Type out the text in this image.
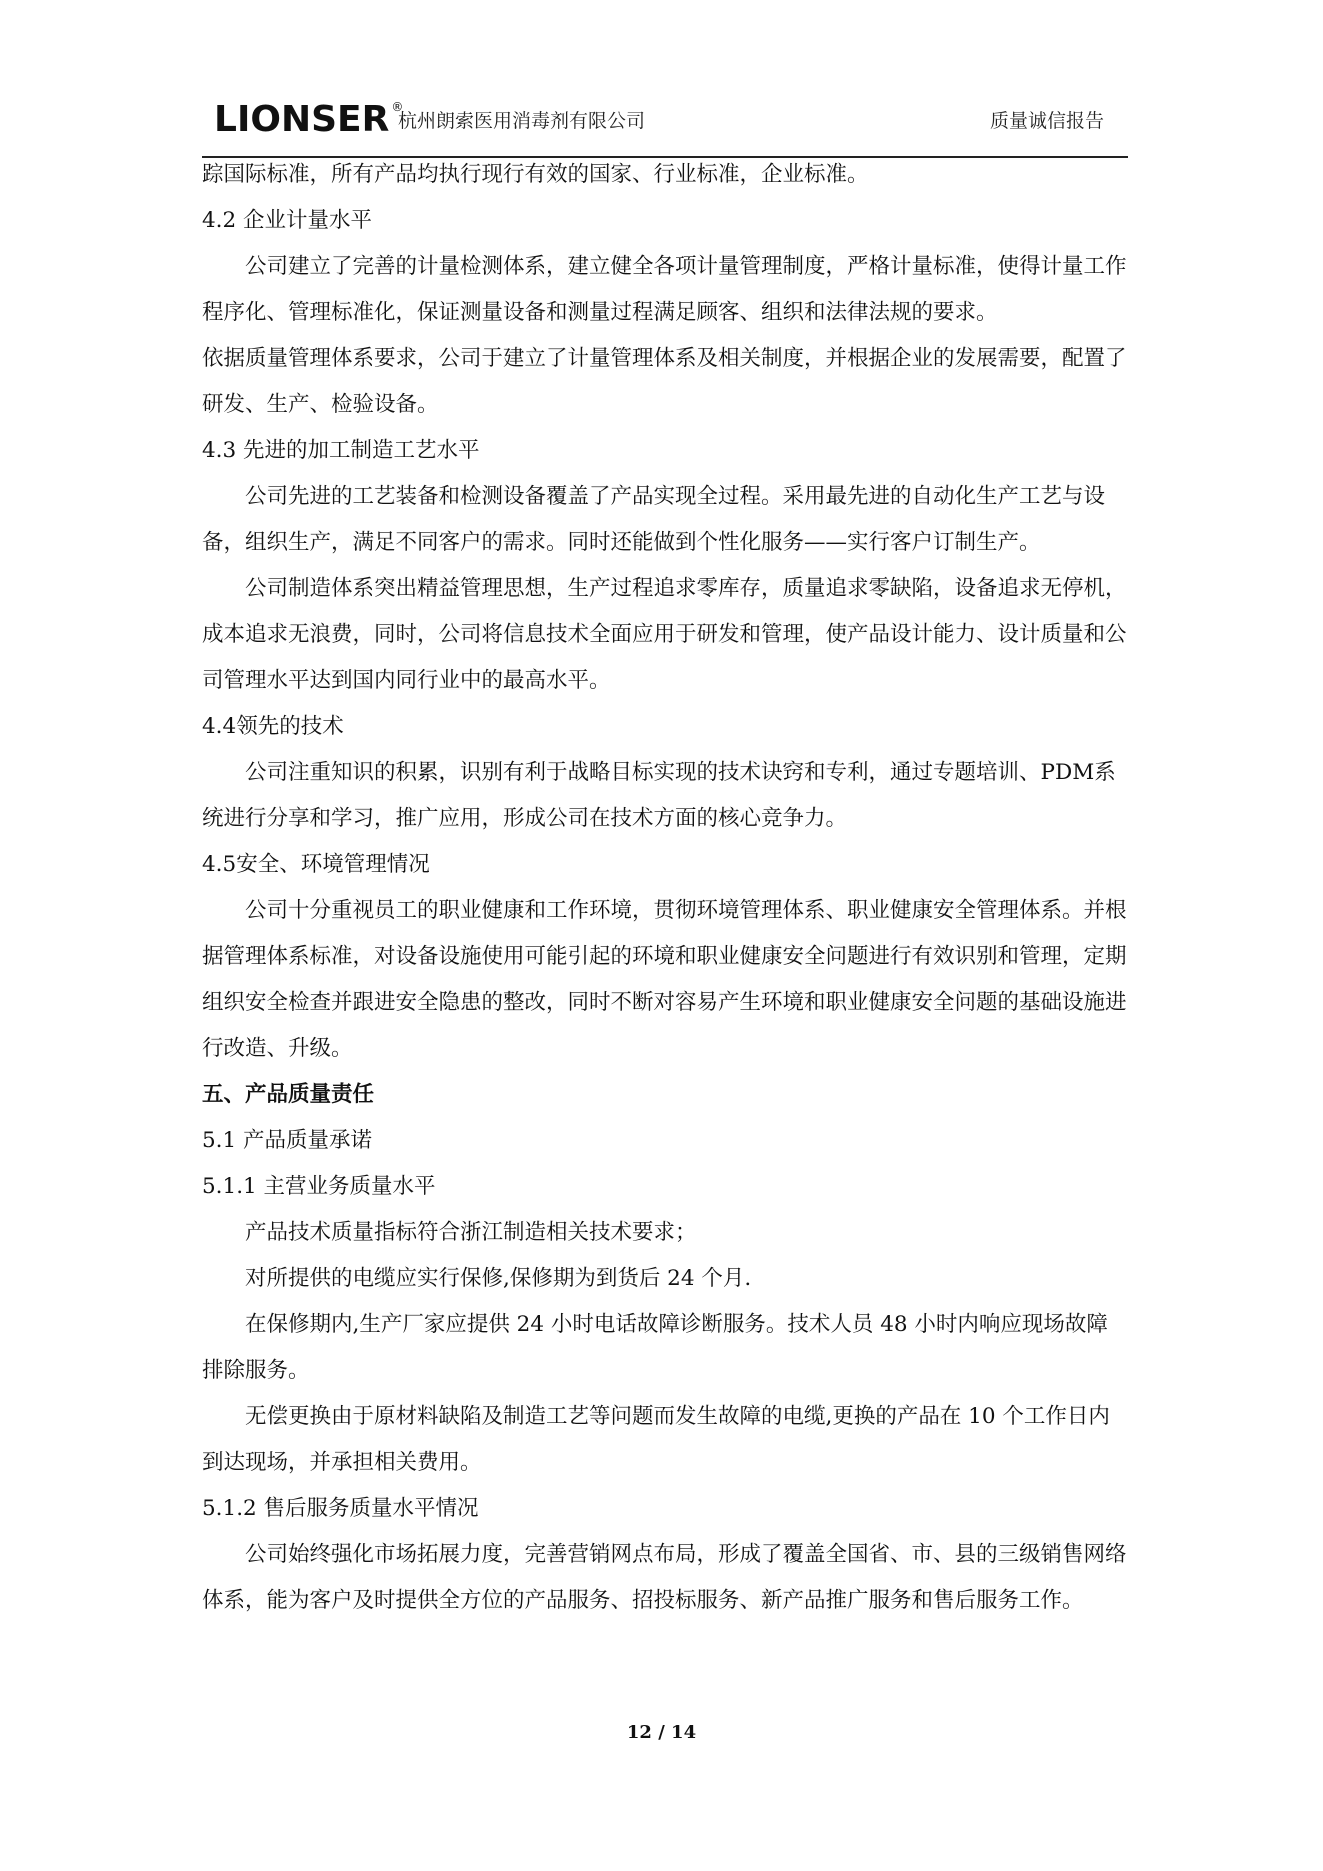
LIONSER ®
杭州朗索医用消毒剂有限公司	质量诚信报告

踪国际标准，所有产品均执行现行有效的国家、行业标准，企业标准。

4.2 企业计量水平

公司建立了完善的计量检测体系，建立健全各项计量管理制度，严格计量标准，使得计量工作程序化、管理标准化，保证测量设备和测量过程满足顾客、组织和法律法规的要求。

依据质量管理体系要求，公司于建立了计量管理体系及相关制度，并根据企业的发展需要，配置了研发、生产、检验设备。

4.3 先进的加工制造工艺水平

公司先进的工艺装备和检测设备覆盖了产品实现全过程。采用最先进的自动化生产工艺与设备，组织生产，满足不同客户的需求。同时还能做到个性化服务——实行客户订制生产。

公司制造体系突出精益管理思想，生产过程追求零库存，质量追求零缺陷，设备追求无停机，成本追求无浪费，同时，公司将信息技术全面应用于研发和管理，使产品设计能力、设计质量和公司管理水平达到国内同行业中的最高水平。

4.4领先的技术

公司注重知识的积累，识别有利于战略目标实现的技术诀窍和专利，通过专题培训、PDM系统进行分享和学习，推广应用，形成公司在技术方面的核心竞争力。

4.5安全、环境管理情况

公司十分重视员工的职业健康和工作环境，贯彻环境管理体系、职业健康安全管理体系。并根据管理体系标准，对设备设施使用可能引起的环境和职业健康安全问题进行有效识别和管理，定期组织安全检查并跟进安全隐患的整改，同时不断对容易产生环境和职业健康安全问题的基础设施进行改造、升级。

五、产品质量责任

5.1 产品质量承诺

5.1.1 主营业务质量水平

产品技术质量指标符合浙江制造相关技术要求；

对所提供的电缆应实行保修,保修期为到货后 24 个月.

在保修期内,生产厂家应提供 24 小时电话故障诊断服务。技术人员 48 小时内响应现场故障排除服务。

无偿更换由于原材料缺陷及制造工艺等问题而发生故障的电缆,更换的产品在 10 个工作日内到达现场，并承担相关费用。

5.1.2 售后服务质量水平情况

公司始终强化市场拓展力度，完善营销网点布局，形成了覆盖全国省、市、县的三级销售网络体系，能为客户及时提供全方位的产品服务、招投标服务、新产品推广服务和售后服务工作。

12 / 14
